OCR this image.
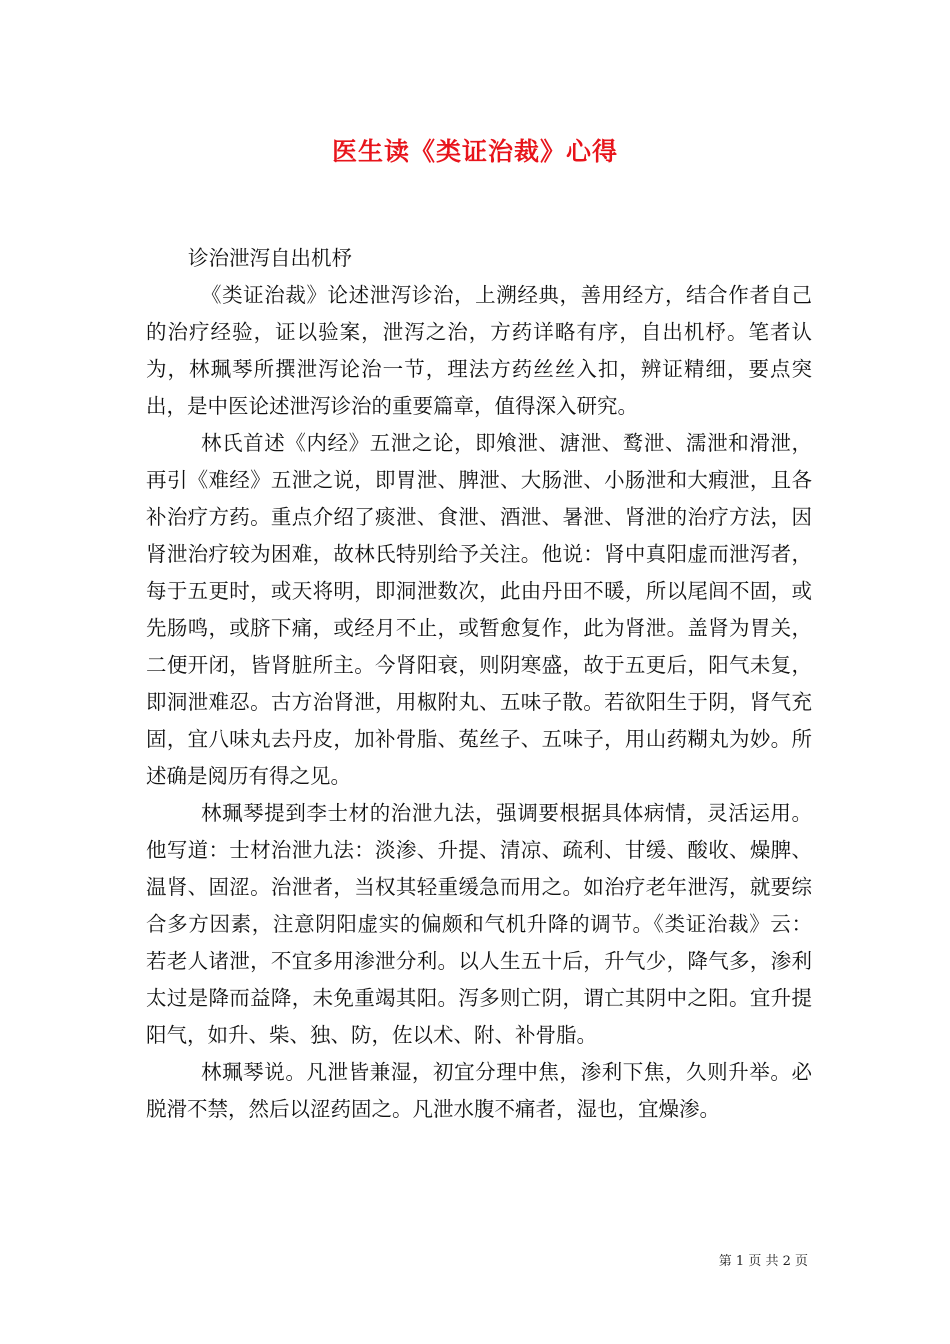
医生读《类证治裁》心得

诊治泄泻自出机杼

《类证治裁》论述泄泻诊治，上溯经典，善用经方，结合作者自己的治疗经验，证以验案，泄泻之治，方药详略有序，自出机杼。笔者认为，林珮琴所撰泄泻论治一节，理法方药丝丝入扣，辨证精细，要点突出，是中医论述泄泻诊治的重要篇章，值得深入研究。

林氏首述《内经》五泄之论，即飧泄、溏泄、鹜泄、濡泄和滑泄，再引《难经》五泄之说，即胃泄、脾泄、大肠泄、小肠泄和大瘕泄，且各补治疗方药。重点介绍了痰泄、食泄、酒泄、暑泄、肾泄的治疗方法，因肾泄治疗较为困难，故林氏特别给予关注。他说：肾中真阳虚而泄泻者，每于五更时，或天将明，即洞泄数次，此由丹田不暖，所以尾闾不固，或先肠鸣，或脐下痛，或经月不止，或暂愈复作，此为肾泄。盖肾为胃关，二便开闭，皆肾脏所主。今肾阳衰，则阴寒盛，故于五更后，阳气未复，即洞泄难忍。古方治肾泄，用椒附丸、五味子散。若欲阳生于阴，肾气充固，宜八味丸去丹皮，加补骨脂、菟丝子、五味子，用山药糊丸为妙。所述确是阅历有得之见。

林珮琴提到李士材的治泄九法，强调要根据具体病情，灵活运用。他写道：士材治泄九法：淡渗、升提、清凉、疏利、甘缓、酸收、燥脾、温肾、固涩。治泄者，当权其轻重缓急而用之。如治疗老年泄泻，就要综合多方因素，注意阴阳虚实的偏颇和气机升降的调节。《类证治裁》云：若老人诸泄，不宜多用渗泄分利。以人生五十后，升气少，降气多，渗利太过是降而益降，未免重竭其阳。泻多则亡阴，谓亡其阴中之阳。宜升提阳气，如升、柴、独、防，佐以术、附、补骨脂。

林珮琴说。凡泄皆兼湿，初宜分理中焦，渗利下焦，久则升举。必脱滑不禁，然后以涩药固之。凡泄水腹不痛者，湿也，宜燥渗。

第 1 页 共 2 页
